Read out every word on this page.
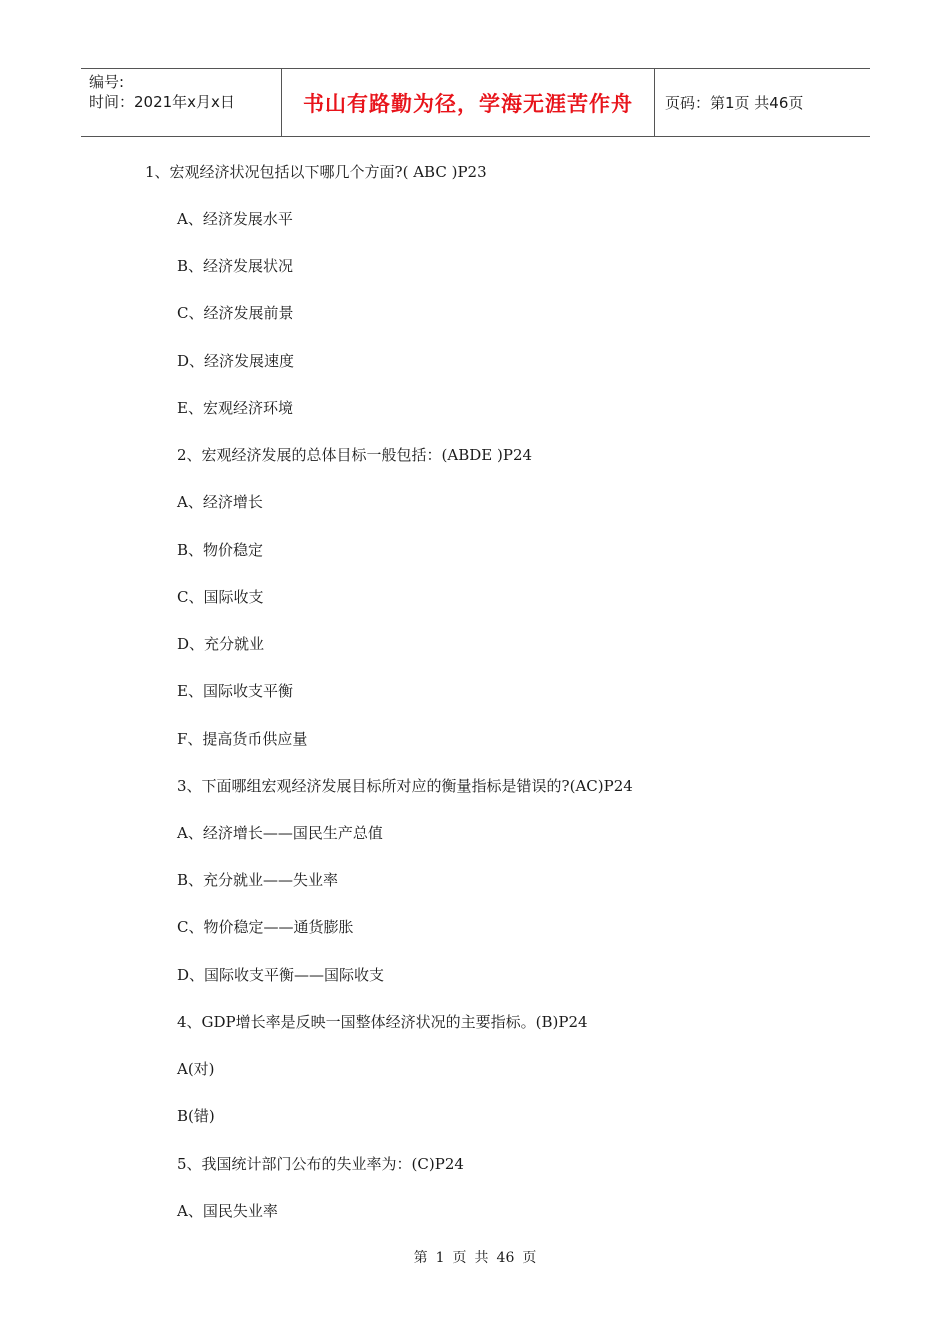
编号:
时间：2021年x月x日	书山有路勤为径，学海无涯苦作舟 页码：第1页 共46页
1、宏观经济状况包括以下哪几个方面?( ABC )P23
A、经济发展水平
B、经济发展状况
C、经济发展前景
D、经济发展速度
E、宏观经济环境
2、宏观经济发展的总体目标一般包括：(ABDE )P24
A、经济增长
B、物价稳定
C、国际收支
D、充分就业
E、国际收支平衡
F、提高货币供应量
3、下面哪组宏观经济发展目标所对应的衡量指标是错误的?(AC)P24
A、经济增长——国民生产总值
B、充分就业——失业率
C、物价稳定——通货膨胀
D、国际收支平衡——国际收支
4、GDP增长率是反映一国整体经济状况的主要指标。(B)P24
A(对)
B(错)
5、我国统计部门公布的失业率为：(C)P24
A、国民失业率
第 1 页 共 46 页
